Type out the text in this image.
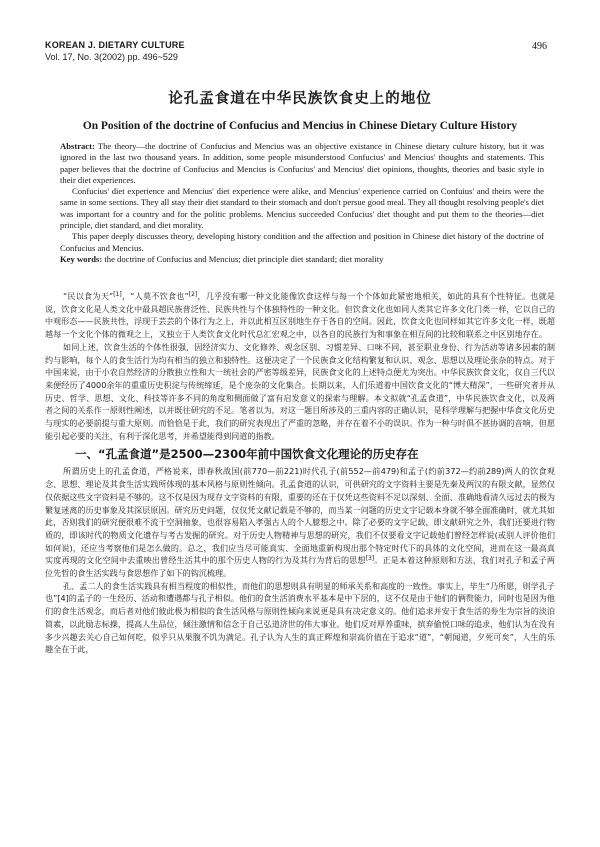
KOREAN J. DIETARY CULTURE
Vol. 17, No. 3(2002) pp. 496~529
496
论孔孟食道在中华民族饮食史上的地位
On Position of the doctrine of Confucius and Mencius in Chinese Dietary Culture History

Abstract: The theory—the doctrine of Confucius and Mencius was an objective existance in Chinese dietary culture history, but it was ignored in the last two thousand years. In addition, some people misunderstood Confucius' and Mencius' thoughts and statements. This paper believes that the doctrine of Confucius and Mencius is Confucius' and Mencius' diet opinions, thoughts, theories and basic style in their diet experiences.

Confucius' diet experience and Mencius' diet experience were alike, and Mencius' experience carried on Confuius' and theirs were the same in some sections. They all stay their diet standard to their stomach and don't persue good meal. They all thought resolving people's diet was important for a country and for the politic problems. Mencius succeeded Confucius' diet thought and put them to the theories—diet principle, diet standard, and diet morality.

This paper deeply discusses theory, developing history condition and the affection and position in Chinese diet history of the doctrine of Confucius and Mencius.

Key words: the doctrine of Confucius and Mencius; diet principle diet standard; diet morality

“民以食为天”[1]，“人莫不饮食也”[2]，几乎没有哪一种文化能像饮食这样与每一个个体如此紧密地相关，如此的具有个性特征。也就是说，饮食文化是人类文化中最具超民族普泛性、民族共性与个体独特性的一种文化。但饮食文化也如同人类其它许多文化门类一样，它以自己的中观形态——民族共性，浮现于芸芸的个体行为之上，并以此相互区别地生存于各自的空间。因此，饮食文化也同样如其它许多文化一样，既超越每一个文化个体的微观之上，又独立于人类饮食文化时代总汇宏观之中，以各自的民族行为和事象在相互间的比较和联系之中区别地存在。

如同上述，饮食生活的个体性很强，因经济实力、文化修养、观念区别、习惯差异、口味不同，甚至职业身份、行为活动等诸多因素的制约与影响，每个人的食生活行为均有相当的独立和独特性。这便决定了一个民族食文化结构繁复和认识、观念、思想以及理论张杂的特点。对于中国来说，由于小农自然经济的分散独立性和大一统社会的严密等级差异，民族食文化的上述特点便尤为突出。中华民族饮食文化，仅自三代以来便经历了4000余年的重重历史积淀与传统缔延，是个庞杂的文化集合。长期以来，人们乐道着中国饮食文化的“博大精深”，一些研究者并从历史、哲学、思想、文化、科技等许多不同的角度和侧面做了富有启发意义的探索与理解。本文拟就“孔孟食道”，中华民族饮食文化，以及两者之间的关系作一原则性阐述，以并既往研究的不足。笔者以为，对这一题目所涉及的三重内容的正确认识，是科学理解与把握中华食文化历史与现实的必要前提与重大原则。而恰恰是于此，我们的研究表现出了严重的忽略，并存在着不小的误识。作为一种与时俱不甚协调的音响，但愿能引起必要的关注，有利于深化思考，并希望能得到同道的指教。

一、“孔孟食道”是2500—2300年前中国饮食文化理论的历史存在

所谓历史上的孔孟食道，严格说来，即春秋战国(前770—前221)时代孔子(前552—前479)和孟子(约前372—约前289)两人的饮食观念、思想、理论及其食生活实践所体现的基本风格与原则性倾向。孔孟食道的认识，可供研究的文字资料主要是先秦及两汉的有限文献，显然仅仅依据这些文字资料是不够的。这不仅是因为现存文字资料的有限，重要的还在于仅凭这些资料不足以深刻、全面、准确地看清久远过去的极为繁复迷离的历史事象及其深层原因。研究历史问题，仅仅凭文献记载是不够的，而当某一问题的历史文字记载本身就不够全面准确时，就尤其如此，否则我们的研究便很难不流于空洞抽象，也很容易陷入孝强古人的个人臆想之中。除了必要的文字记载，即文献研究之外，我们还要进行物质的，即该时代的物质文化遗存与考古发掘的研究。对于历史人物精神与思想的研究，我们不仅要看文字记载他们曾经怎样说(或别人评价他们如何说)，还应当考察他们是怎么做的。总之，我们应当尽可能真实、全面地重新构现出那个特定时代下的具体的文化空间，进而在这一最高真实度再现的文化空间中去重映出曾经生活其中的那个历史人物的行为及其行为背后的思想[3]。正是本着这种原则和方法，我们对孔子和孟子两位先哲的食生活实践与食思想作了如下的钩沉梳理。

孔、孟二人的食生活实践具有相当程度的相似性，而他们的思想则具有明显的师承关系和高度的一致性。事实上，毕生“乃所愿，则学孔子也”[4]的孟子的一生经历、活动和遭遇都与孔子相似。他们的食生活消费水平基本是中下层的，这不仅是由于他们的俩赘能力，同时也是因为他们的食生活观念，而后者对他们彼此极为相似的食生活风格与原则性倾向来说更是具有决定意义的。他们追求并安于食生活的券生为宗旨的淡泊简素，以此励志标操，提高人生品位，倾注激情和信念于自己弘道济世的伟大事业。他们反对厚养重味，摈弃偷悦口味的追求，他们认为在没有多少兴趣去关心自己如何吃，似乎只从果腹不饥为满足。孔子认为人生的真正辉煌和崇高价值在于追求“道”，“朝闻道，夕死可矣”，人生的乐趣全在于此，
